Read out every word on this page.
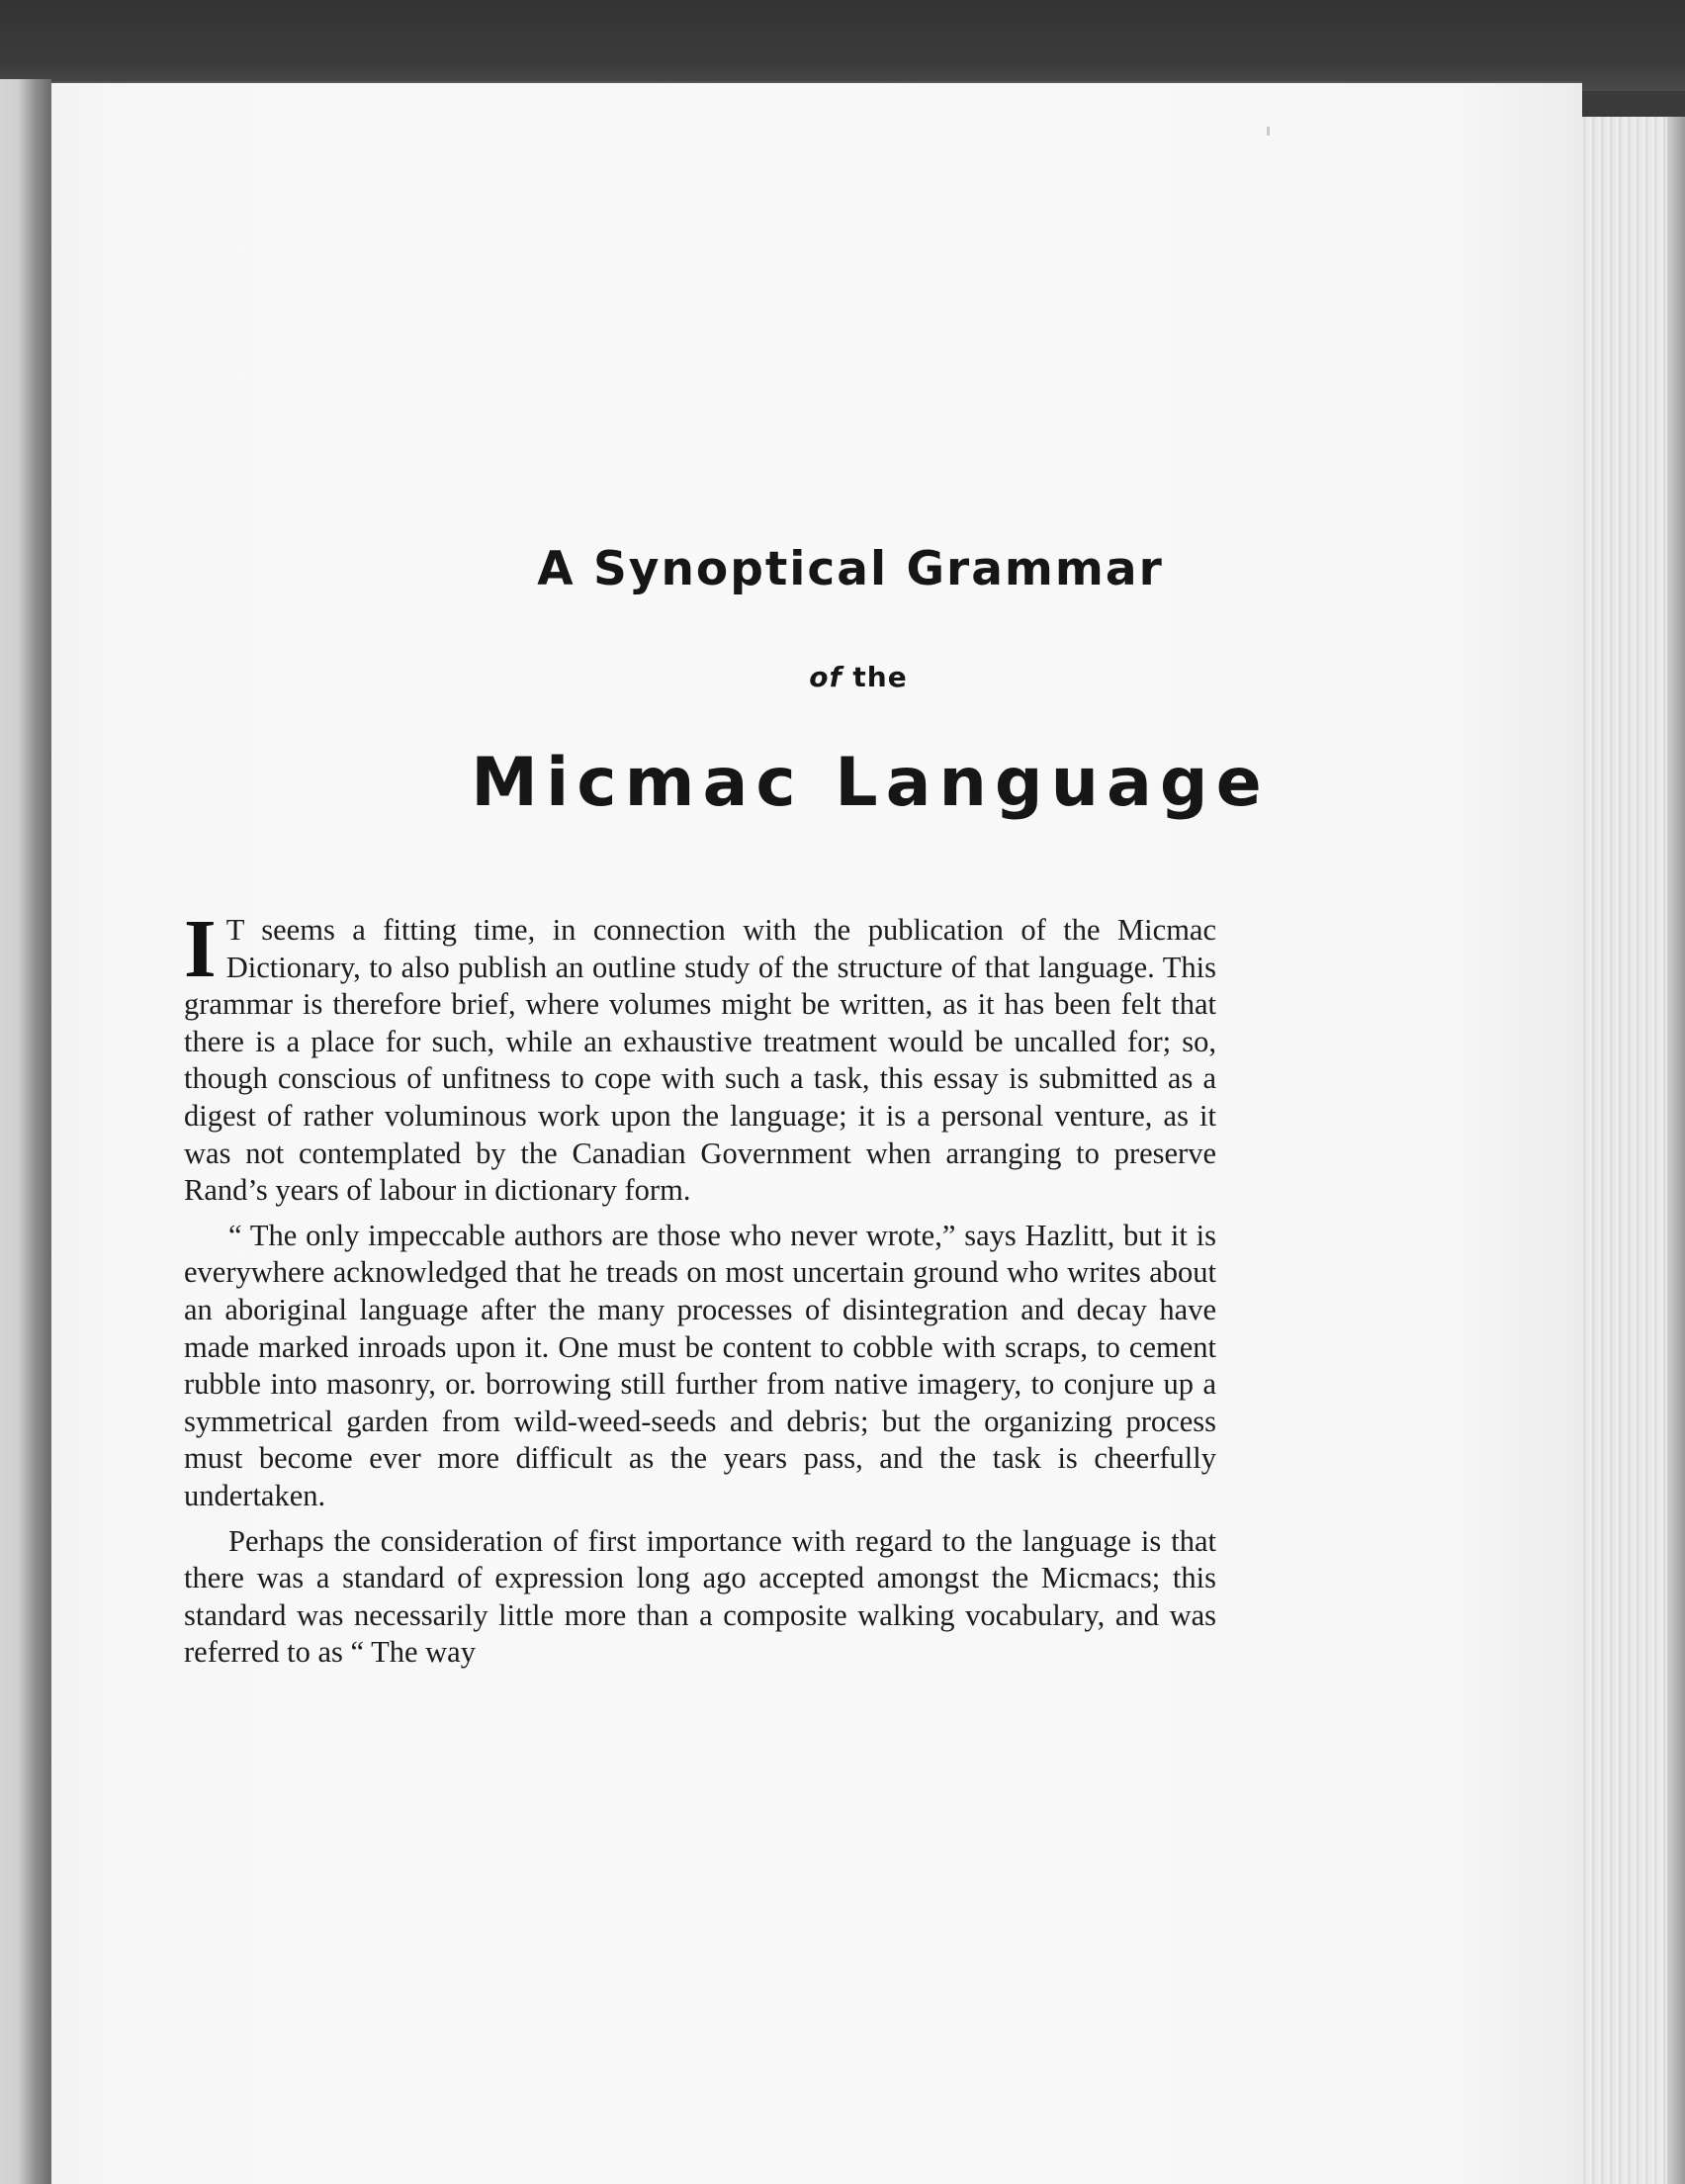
A Synoptical Grammar
of the
Micmac Language

I T seems a fitting time, in connection with the publication of the Micmac Dictionary, to also publish an outline study of the structure of that language. This grammar is therefore brief, where volumes might be written, as it has been felt that there is a place for such, while an exhaustive treatment would be uncalled for; so, though conscious of unfitness to cope with such a task, this essay is submitted as a digest of rather voluminous work upon the language; it is a personal venture, as it was not contemplated by the Canadian Government when arranging to preserve Rand’s years of labour in dictionary form.

“ The only impeccable authors are those who never wrote,” says Hazlitt, but it is everywhere acknowledged that he treads on most uncertain ground who writes about an aboriginal language after the many processes of disintegration and decay have made marked inroads upon it. One must be content to cobble with scraps, to cement rubble into masonry, or. borrowing still further from native imagery, to conjure up a symmetrical garden from wild-weed-seeds and debris; but the organizing process must become ever more difficult as the years pass, and the task is cheerfully undertaken.

Perhaps the consideration of first importance with regard to the language is that there was a standard of expression long ago accepted amongst the Micmacs; this standard was necessarily little more than a composite walking vocabulary, and was referred to as “ The way
